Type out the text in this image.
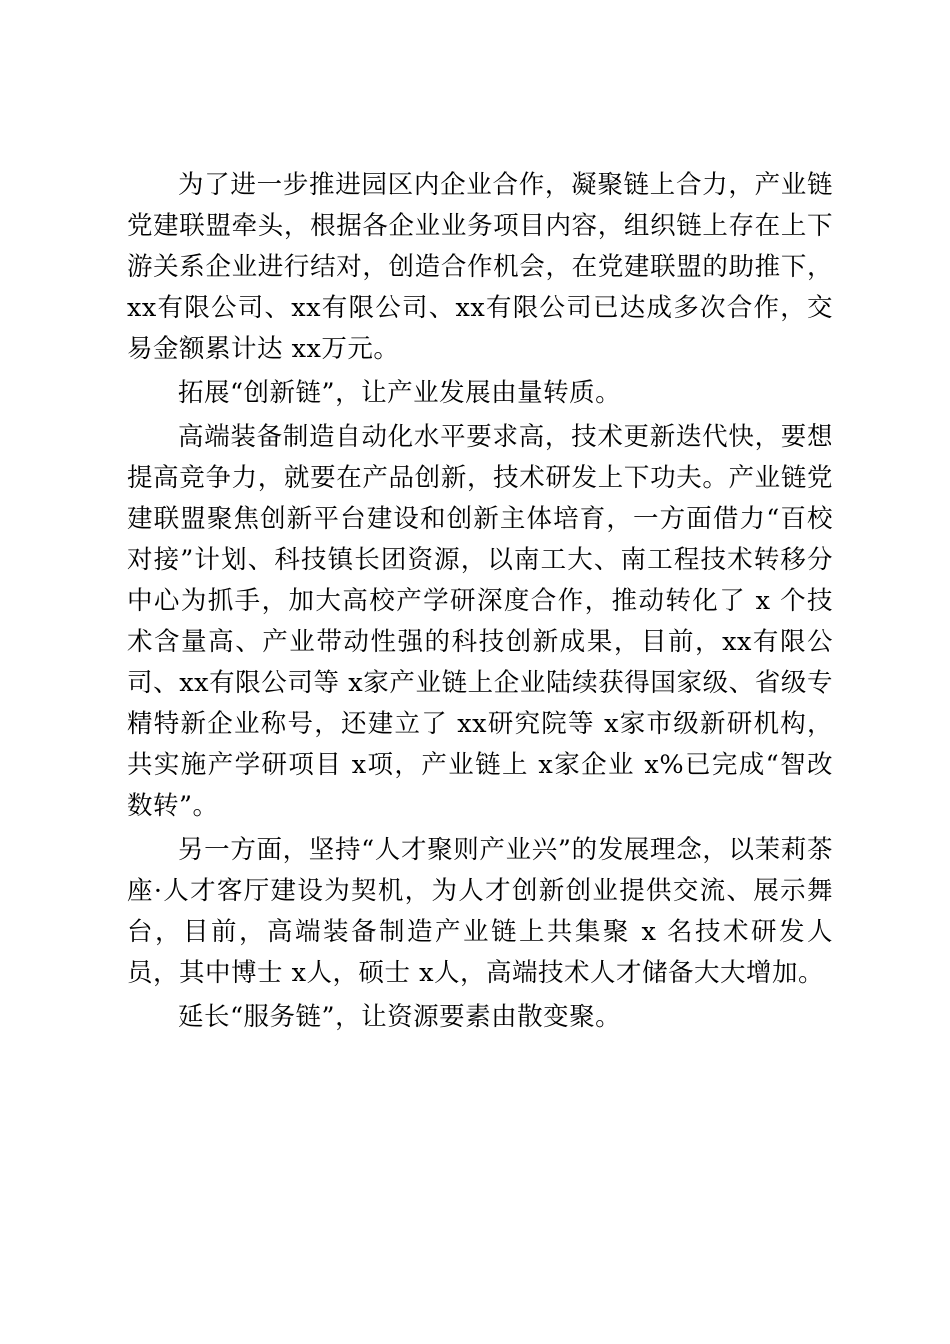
为了进一步推进园区内企业合作，凝聚链上合力，产业链党建联盟牵头，根据各企业业务项目内容，组织链上存在上下游关系企业进行结对，创造合作机会，在党建联盟的助推下，xx有限公司、xx有限公司、xx有限公司已达成多次合作，交易金额累计达 xx万元。

拓展“创新链”，让产业发展由量转质。

高端装备制造自动化水平要求高，技术更新迭代快，要想提高竞争力，就要在产品创新，技术研发上下功夫。产业链党建联盟聚焦创新平台建设和创新主体培育，一方面借力“百校对接”计划、科技镇长团资源，以南工大、南工程技术转移分中心为抓手，加大高校产学研深度合作，推动转化了 x 个技术含量高、产业带动性强的科技创新成果，目前，xx有限公司、xx有限公司等 x家产业链上企业陆续获得国家级、省级专精特新企业称号，还建立了 xx研究院等 x家市级新研机构，共实施产学研项目 x项，产业链上 x家企业 x%已完成“智改数转”。

另一方面，坚持“人才聚则产业兴”的发展理念，以茉莉茶座·人才客厅建设为契机，为人才创新创业提供交流、展示舞台，目前，高端装备制造产业链上共集聚 x 名技术研发人员，其中博士 x人，硕士 x人，高端技术人才储备大大增加。

延长“服务链”，让资源要素由散变聚。
